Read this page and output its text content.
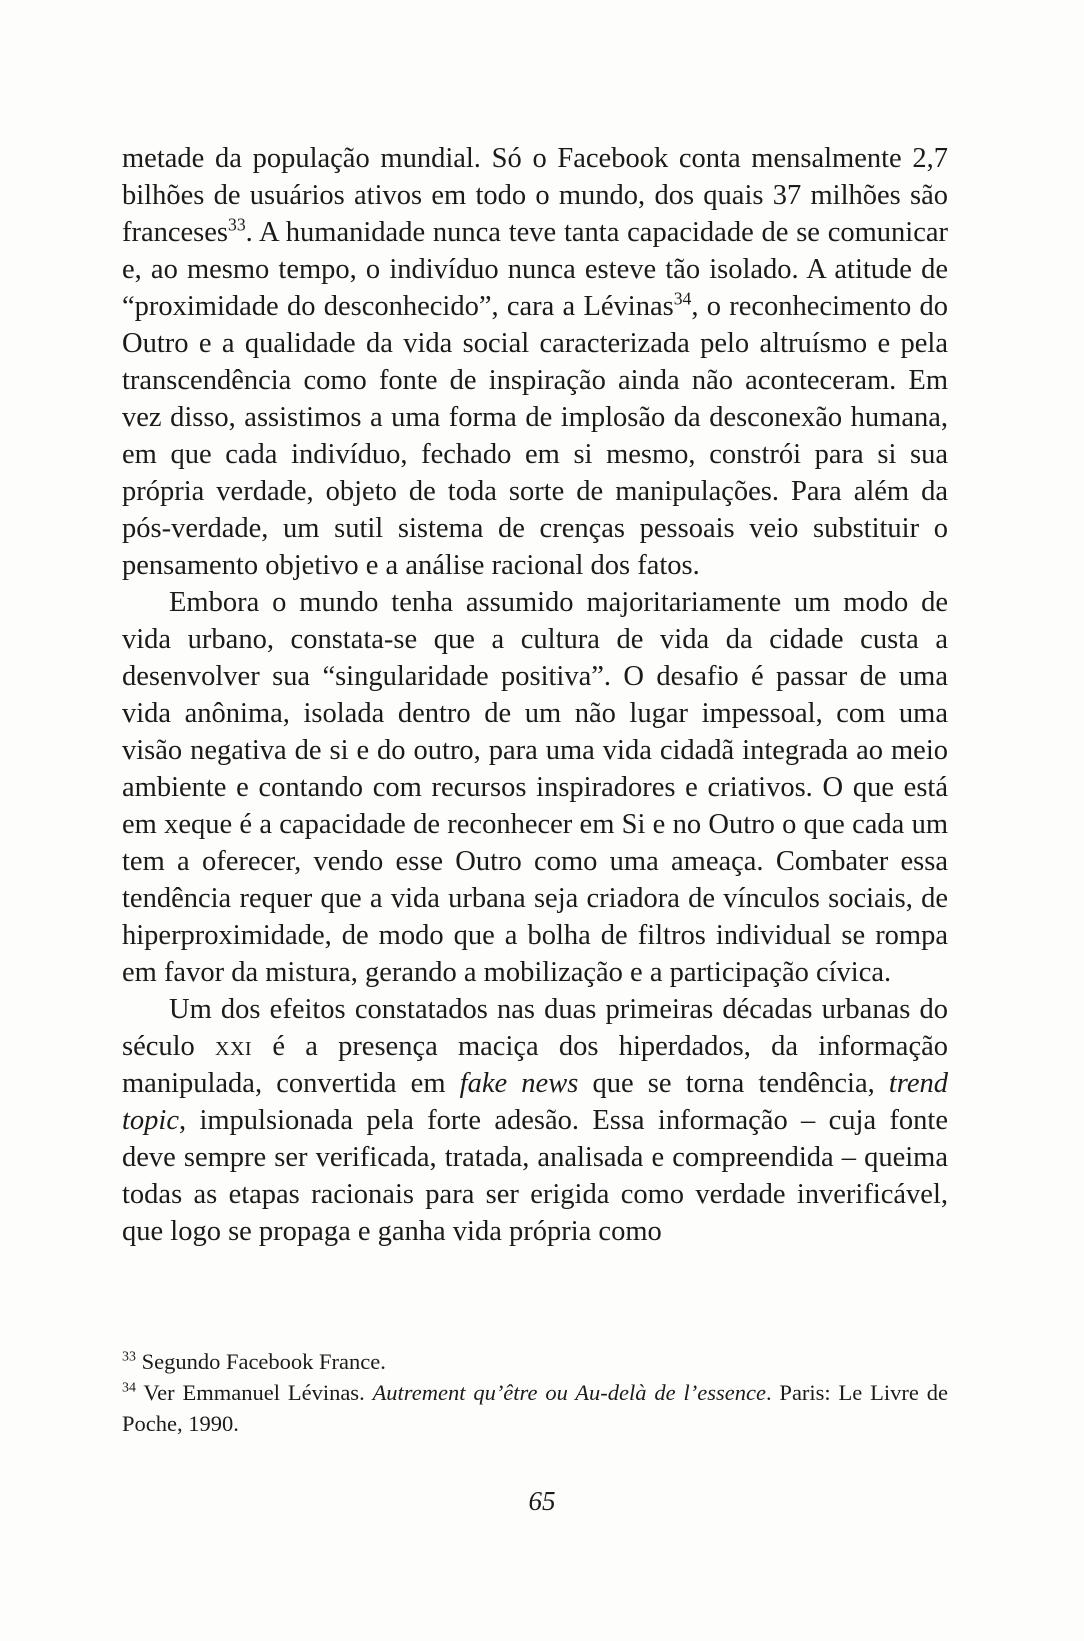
metade da população mundial. Só o Facebook conta mensalmente 2,7 bilhões de usuários ativos em todo o mundo, dos quais 37 milhões são franceses$^{33}$. A humanidade nunca teve tanta capacidade de se comunicar e, ao mesmo tempo, o indivíduo nunca esteve tão isolado. A atitude de “proximidade do desconhecido”, cara a Lévinas$^{34}$, o reconhecimento do Outro e a qualidade da vida social caracterizada pelo altruísmo e pela transcendência como fonte de inspiração ainda não aconteceram. Em vez disso, assistimos a uma forma de implosão da desconexão humana, em que cada indivíduo, fechado em si mesmo, constrói para si sua própria verdade, objeto de toda sorte de manipulações. Para além da pós-verdade, um sutil sistema de crenças pessoais veio substituir o pensamento objetivo e a análise racional dos fatos.

Embora o mundo tenha assumido majoritariamente um modo de vida urbano, constata-se que a cultura de vida da cidade custa a desenvolver sua “singularidade positiva”. O desafio é passar de uma vida anônima, isolada dentro de um não lugar impessoal, com uma visão negativa de si e do outro, para uma vida cidadã integrada ao meio ambiente e contando com recursos inspiradores e criativos. O que está em xeque é a capacidade de reconhecer em Si e no Outro o que cada um tem a oferecer, vendo esse Outro como uma ameaça. Combater essa tendência requer que a vida urbana seja criadora de vínculos sociais, de hiperproximidade, de modo que a bolha de filtros individual se rompa em favor da mistura, gerando a mobilização e a participação cívica.

Um dos efeitos constatados nas duas primeiras décadas urbanas do século xxi é a presença maciça dos hiperdados, da informação manipulada, convertida em fake news que se torna tendência, trend topic, impulsionada pela forte adesão. Essa informação – cuja fonte deve sempre ser verificada, tratada, analisada e compreendida – queima todas as etapas racionais para ser erigida como verdade inverificável, que logo se propaga e ganha vida própria como

$^{33}$ Segundo Facebook France.

$^{34}$ Ver Emmanuel Lévinas. Autrement qu’être ou Au-delà de l’essence. Paris: Le Livre de Poche, 1990.

65
